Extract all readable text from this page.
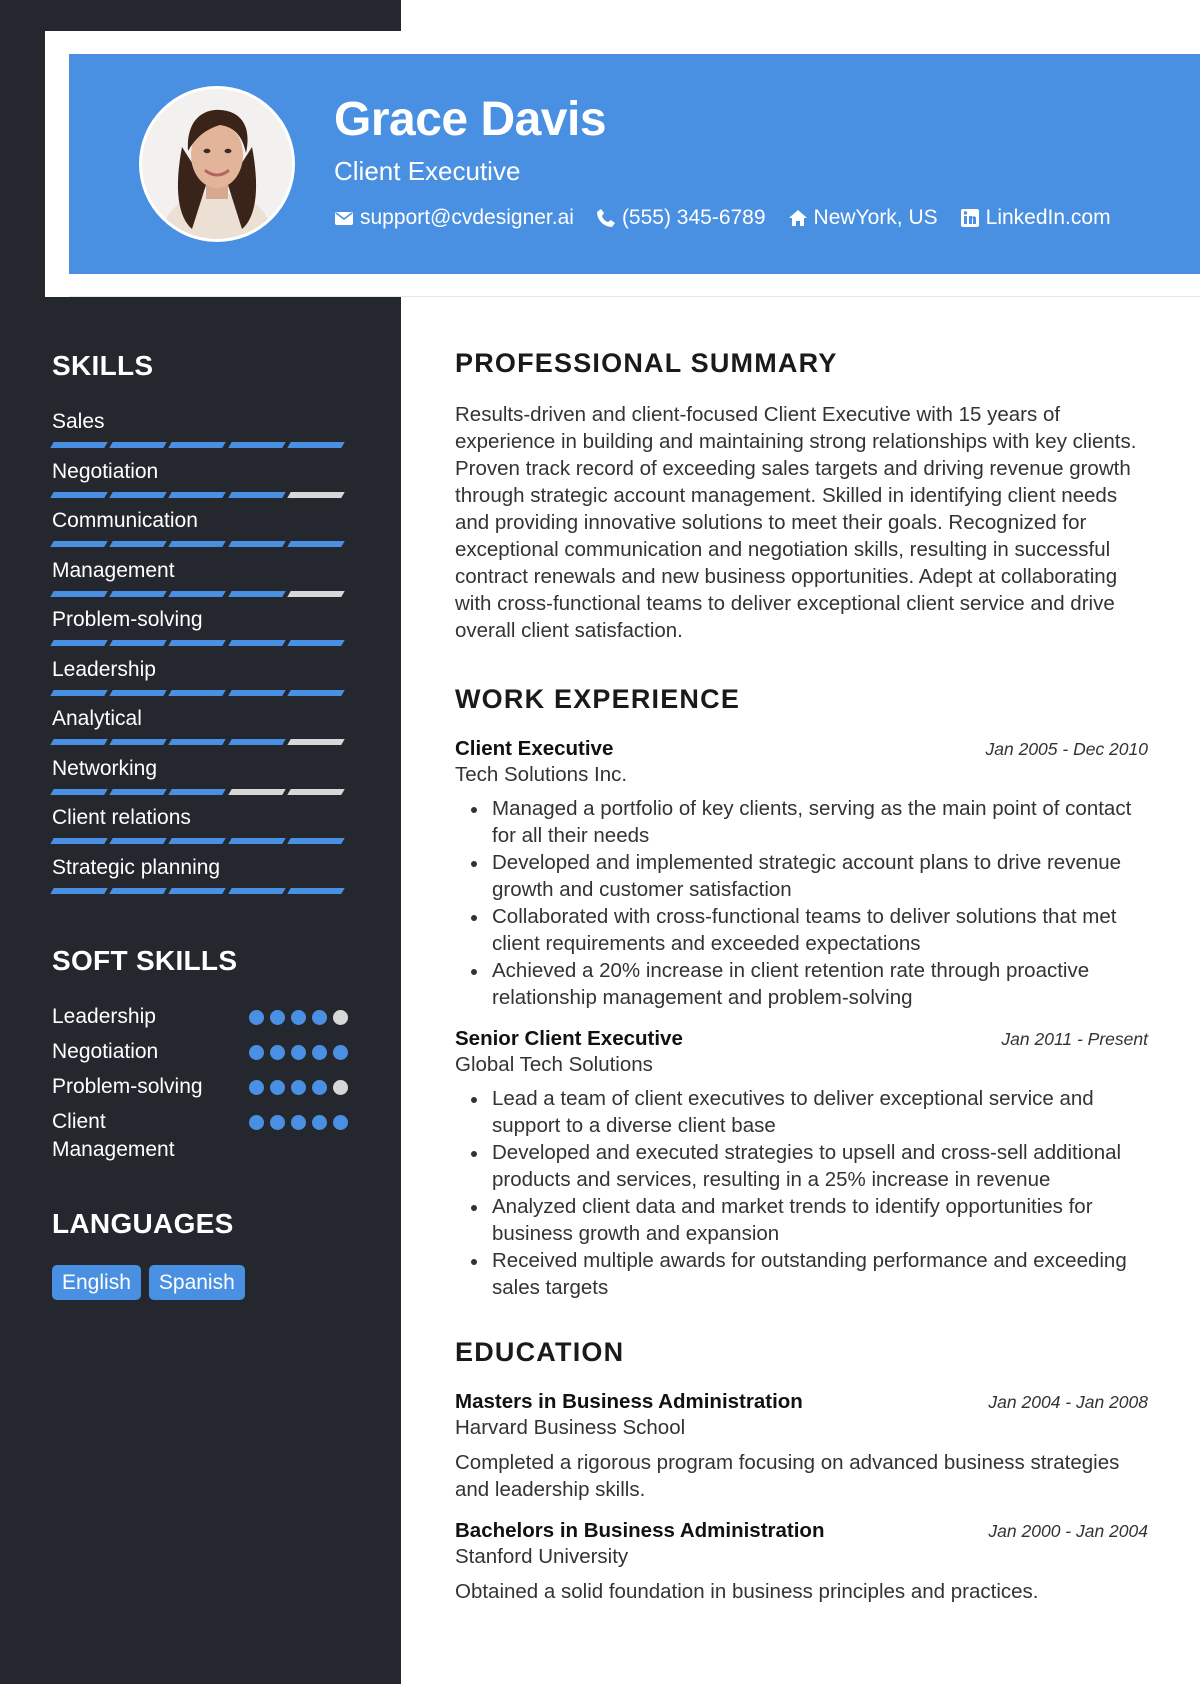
Grace Davis
Client Executive
support@cvdesigner.ai (555) 345-6789 NewYork, US LinkedIn.com
SKILLS
Sales
Negotiation
Communication
Management
Problem-solving
Leadership
Analytical
Networking
Client relations
Strategic planning
SOFT SKILLS
Leadership
Negotiation
Problem-solving
Client Management
LANGUAGES
English	Spanish
PROFESSIONAL SUMMARY
Results-driven and client-focused Client Executive with 15 years of experience in building and maintaining strong relationships with key clients. Proven track record of exceeding sales targets and driving revenue growth through strategic account management. Skilled in identifying client needs and providing innovative solutions to meet their goals. Recognized for exceptional communication and negotiation skills, resulting in successful contract renewals and new business opportunities. Adept at collaborating with cross-functional teams to deliver exceptional client service and drive overall client satisfaction.
WORK EXPERIENCE
Client Executive	Jan 2005 - Dec 2010
Tech Solutions Inc.
Managed a portfolio of key clients, serving as the main point of contact for all their needs
Developed and implemented strategic account plans to drive revenue growth and customer satisfaction
Collaborated with cross-functional teams to deliver solutions that met client requirements and exceeded expectations
Achieved a 20% increase in client retention rate through proactive relationship management and problem-solving
Senior Client Executive	Jan 2011 - Present
Global Tech Solutions
Lead a team of client executives to deliver exceptional service and support to a diverse client base
Developed and executed strategies to upsell and cross-sell additional products and services, resulting in a 25% increase in revenue
Analyzed client data and market trends to identify opportunities for business growth and expansion
Received multiple awards for outstanding performance and exceeding sales targets
EDUCATION
Masters in Business Administration	Jan 2004 - Jan 2008
Harvard Business School
Completed a rigorous program focusing on advanced business strategies and leadership skills.
Bachelors in Business Administration	Jan 2000 - Jan 2004
Stanford University
Obtained a solid foundation in business principles and practices.
